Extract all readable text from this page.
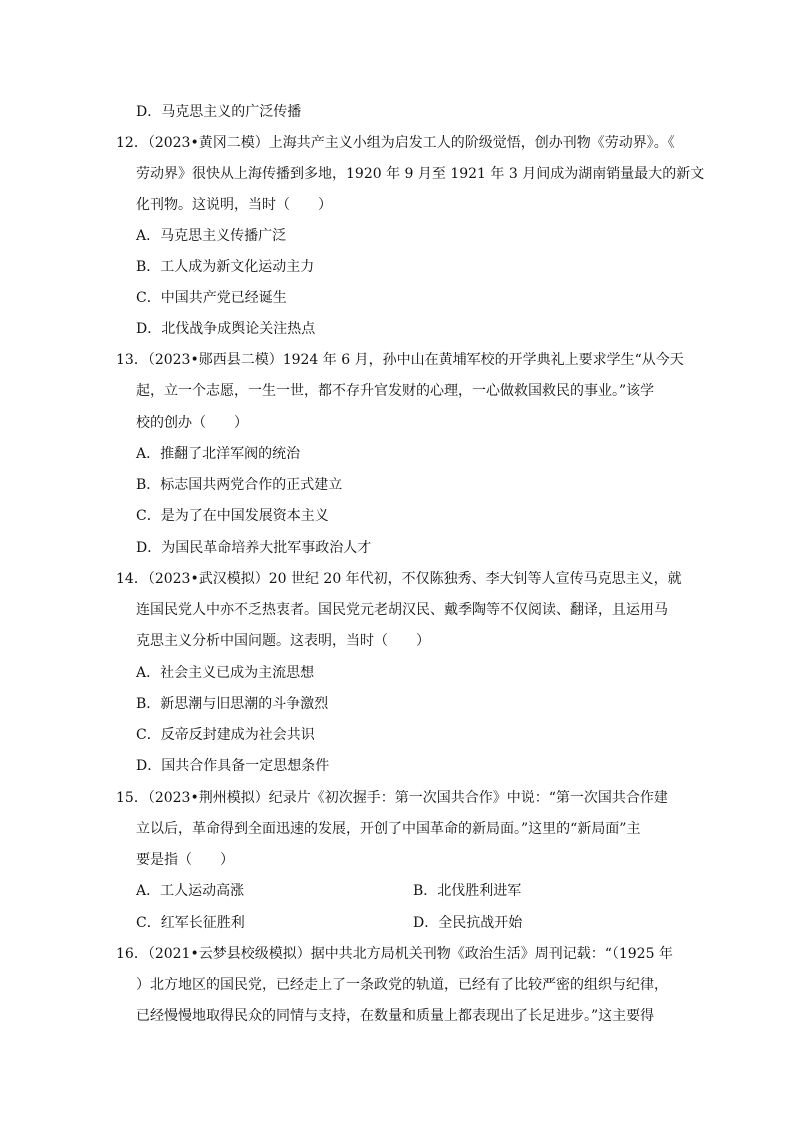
D．马克思主义的广泛传播
12．（2023•黄冈二模）上海共产主义小组为启发工人的阶级觉悟，创办刊物《劳动界》。《
劳动界》很快从上海传播到多地，1920 年 9 月至 1921 年 3 月间成为湖南销量最大的新文
化刊物。这说明，当时（　　）
A．马克思主义传播广泛
B．工人成为新文化运动主力
C．中国共产党已经诞生
D．北伐战争成舆论关注热点
13．（2023•郧西县二模）1924 年 6 月，孙中山在黄埔军校的开学典礼上要求学生“从今天
起，立一个志愿，一生一世，都不存升官发财的心理，一心做救国救民的事业。”该学
校的创办（　　）
A．推翻了北洋军阀的统治
B．标志国共两党合作的正式建立
C．是为了在中国发展资本主义
D．为国民革命培养大批军事政治人才
14．（2023•武汉模拟）20 世纪 20 年代初，不仅陈独秀、李大钊等人宣传马克思主义，就
连国民党人中亦不乏热衷者。国民党元老胡汉民、戴季陶等不仅阅读、翻译，且运用马
克思主义分析中国问题。这表明，当时（　　）
A．社会主义已成为主流思想
B．新思潮与旧思潮的斗争激烈
C．反帝反封建成为社会共识
D．国共合作具备一定思想条件
15．（2023•荆州模拟）纪录片《初次握手：第一次国共合作》中说：“第一次国共合作建
立以后，革命得到全面迅速的发展，开创了中国革命的新局面。”这里的“新局面”主
要是指（　　）
A．工人运动高涨	B．北伐胜利进军
C．红军长征胜利	D．全民抗战开始
16．（2021•云梦县校级模拟）据中共北方局机关刊物《政治生活》周刊记载：“（1925 年
）北方地区的国民党，已经走上了一条政党的轨道，已经有了比较严密的组织与纪律，
已经慢慢地取得民众的同情与支持，在数量和质量上都表现出了长足进步。”这主要得
